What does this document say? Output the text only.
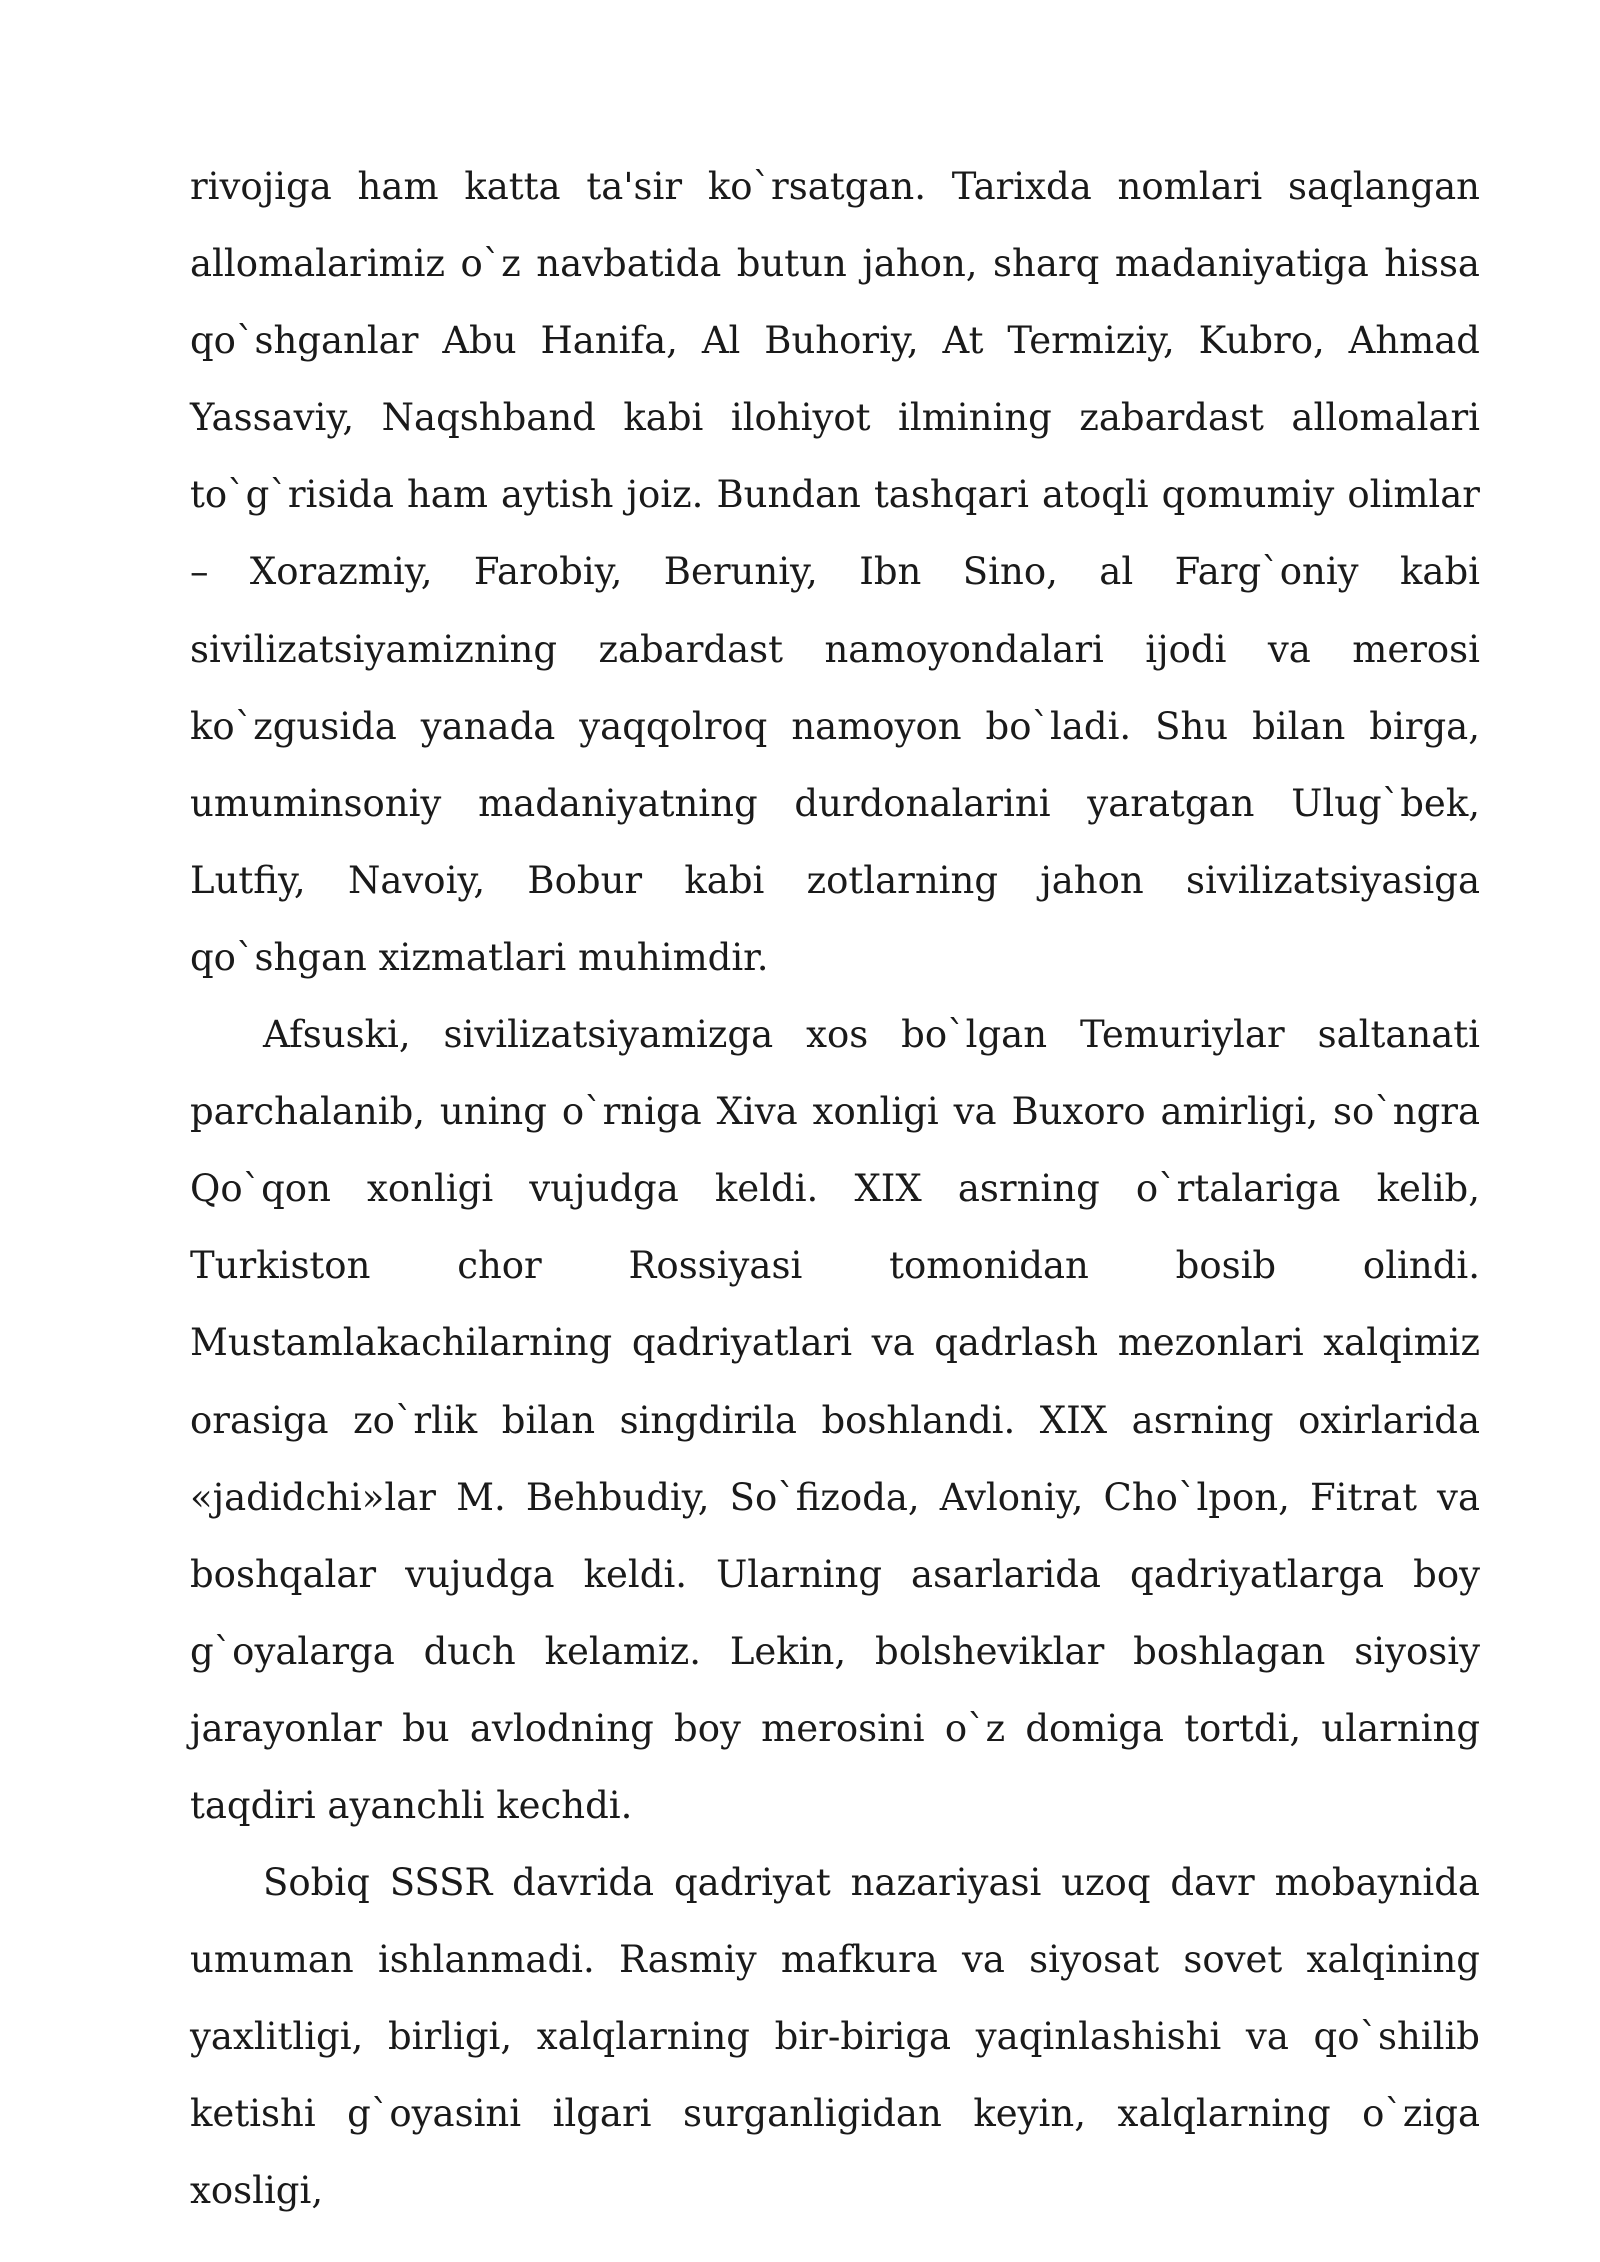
rivojiga ham katta ta'sir ko`rsatgan. Tarixda nomlari saqlangan allomalarimiz o`z navbatida butun jahon, sharq madaniyatiga hissa qo`shganlar Abu Hanifa, Al Buhoriy, At Termiziy, Kubro, Ahmad Yassaviy, Naqshband kabi ilohiyot ilmining zabardast allomalari to`g`risida ham aytish joiz. Bundan tashqari atoqli qomumiy olimlar – Xorazmiy, Farobiy, Beruniy, Ibn Sino, al Farg`oniy kabi sivilizatsiyamizning zabardast namoyondalari ijodi va merosi ko`zgusida yanada yaqqolroq namoyon bo`ladi. Shu bilan birga, umuminsoniy madaniyatning durdonalarini yaratgan Ulug`bek, Lutfiy, Navoiy, Bobur kabi zotlarning jahon sivilizatsiyasiga qo`shgan xizmatlari muhimdir.

Afsuski, sivilizatsiyamizga xos bo`lgan Temuriylar saltanati parchalanib, uning o`rniga Xiva xonligi va Buxoro amirligi, so`ngra Qo`qon xonligi vujudga keldi. XIX asrning o`rtalariga kelib, Turkiston chor Rossiyasi tomonidan bosib olindi. Mustamlakachilarning qadriyatlari va qadrlash mezonlari xalqimiz orasiga zo`rlik bilan singdirila boshlandi. XIX asrning oxirlarida «jadidchi»lar M. Behbudiy, So`fizoda, Avloniy, Cho`lpon, Fitrat va boshqalar vujudga keldi. Ularning asarlarida qadriyatlarga boy g`oyalarga duch kelamiz. Lekin, bolsheviklar boshlagan siyosiy jarayonlar bu avlodning boy merosini o`z domiga tortdi, ularning taqdiri ayanchli kechdi.

Sobiq SSSR davrida qadriyat nazariyasi uzoq davr mobaynida umuman ishlanmadi. Rasmiy mafkura va siyosat sovet xalqining yaxlitligi, birligi, xalqlarning bir-biriga yaqinlashishi va qo`shilib ketishi g`oyasini ilgari surganligidan keyin, xalqlarning o`ziga xosligi,
